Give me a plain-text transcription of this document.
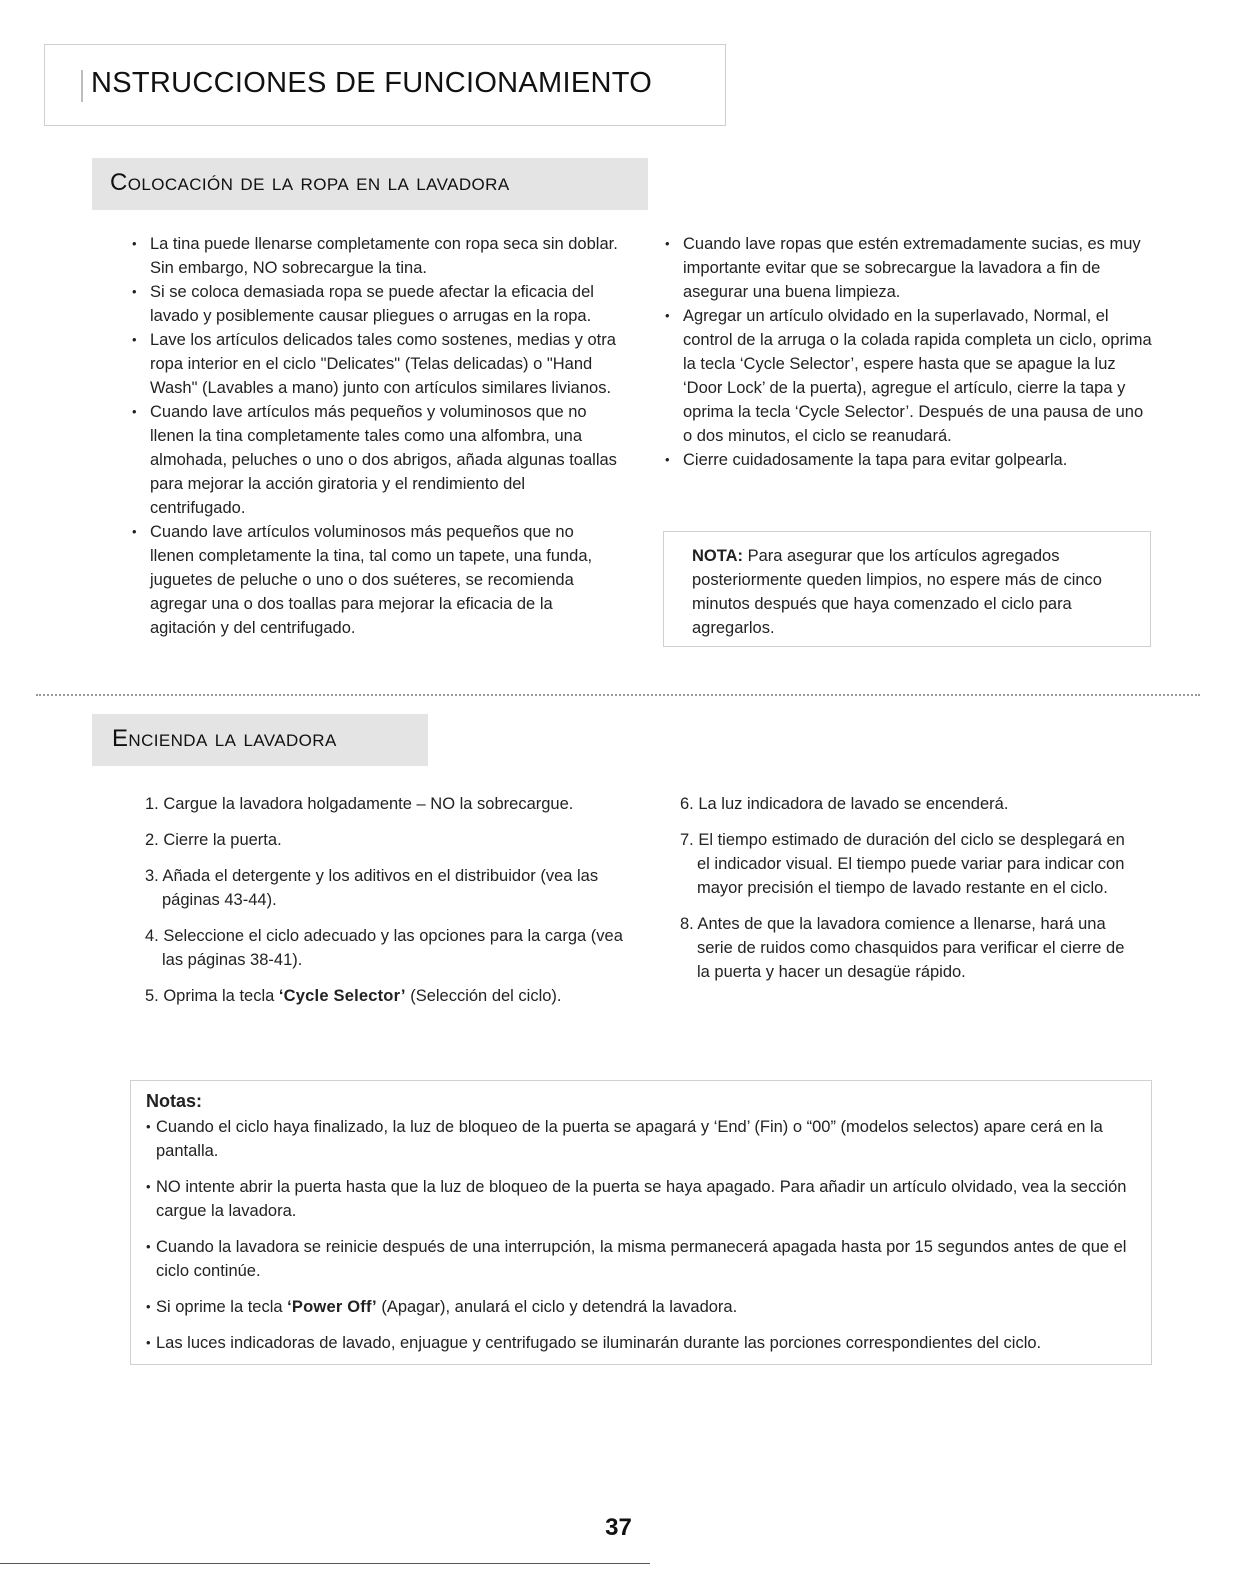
NSTRUCCIONES DE FUNCIONAMIENTO
Colocación de la ropa en la lavadora
• La tina puede llenarse completamente con ropa seca sin doblar. Sin embargo, NO sobrecargue la tina.
• Si se coloca demasiada ropa se puede afectar la eficacia del lavado y posiblemente causar pliegues o arrugas en la ropa.
• Lave los artículos delicados tales como sostenes, medias y otra ropa interior en el ciclo "Delicates" (Telas delicadas) o "Hand Wash" (Lavables a mano) junto con artículos similares livianos.
• Cuando lave artículos más pequeños y voluminosos que no llenen la tina completamente tales como una alfombra, una almohada, peluches o uno o dos abrigos, añada algunas toallas para mejorar la acción giratoria y el rendimiento del centrifugado.
• Cuando lave artículos voluminosos más pequeños que no llenen completamente la tina, tal como un tapete, una funda, juguetes de peluche o uno o dos suéteres, se recomienda agregar una o dos toallas para mejorar la eficacia de la agitación y del centrifugado.
• Cuando lave ropas que estén extremadamente sucias, es muy importante evitar que se sobrecargue la lavadora a fin de asegurar una buena limpieza.
• Agregar un artículo olvidado en la superlavado, Normal, el control de la arruga o la colada rapida completa un ciclo, oprima la tecla ‘Cycle Selector’, espere hasta que se apague la luz ‘Door Lock’ de la puerta), agregue el artículo, cierre la tapa y oprima la tecla ‘Cycle Selector’. Después de una pausa de uno o dos minutos, el ciclo se reanudará.
• Cierre cuidadosamente la tapa para evitar golpearla.
NOTA: Para asegurar que los artículos agregados posteriormente queden limpios, no espere más de cinco minutos después que haya comenzado el ciclo para agregarlos.
Encienda la lavadora
1. Cargue la lavadora holgadamente – NO la sobrecargue.
2. Cierre la puerta.
3. Añada el detergente y los aditivos en el distribuidor (vea las páginas 43-44).
4. Seleccione el ciclo adecuado y las opciones para la carga (vea las páginas 38-41).
5. Oprima la tecla ‘Cycle Selector’ (Selección del ciclo).
6. La luz indicadora de lavado se encenderá.
7. El tiempo estimado de duración del ciclo se desplegará en el indicador visual. El tiempo puede variar para indicar con mayor precisión el tiempo de lavado restante en el ciclo.
8. Antes de que la lavadora comience a llenarse, hará una serie de ruidos como chasquidos para verificar el cierre de la puerta y hacer un desagüe rápido.
Notas:
• Cuando el ciclo haya finalizado, la luz de bloqueo de la puerta se apagará y ‘End’ (Fin) o “00” (modelos selectos) apare cerá en la pantalla.
• NO intente abrir la puerta hasta que la luz de bloqueo de la puerta se haya apagado. Para añadir un artículo olvidado, vea la sección cargue la lavadora.
• Cuando la lavadora se reinicie después de una interrupción, la misma permanecerá apagada hasta por 15 segundos antes de que el ciclo continúe.
• Si oprime la tecla ‘Power Off’ (Apagar), anulará el ciclo y detendrá la lavadora.
• Las luces indicadoras de lavado, enjuague y centrifugado se iluminarán durante las porciones correspondientes del ciclo.
37
